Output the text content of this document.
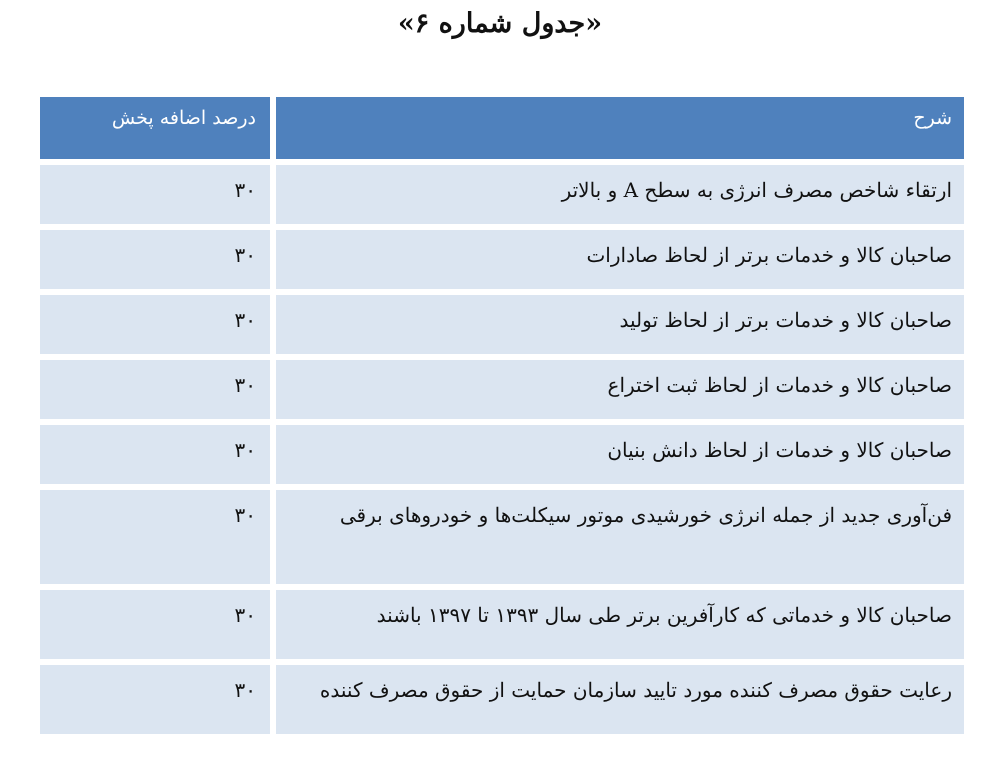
«جدول شماره ۶»
شرح
درصد اضافه پخش
ارتقاء شاخص مصرف انرژی به سطح A و بالاتر
۳۰
صاحبان کالا و خدمات برتر از لحاظ صادارات
۳۰
صاحبان کالا و خدمات برتر از لحاظ تولید
۳۰
صاحبان کالا و خدمات از لحاظ ثبت اختراع
۳۰
صاحبان کالا و خدمات از لحاظ دانش بنیان
۳۰
فن‌آوری جدید از جمله انرژی خورشیدی موتور سیکلت‌ها و خودروهای برقی
۳۰
صاحبان کالا و خدماتی که کارآفرین برتر طی سال ۱۳۹۳ تا ۱۳۹۷ باشند
۳۰
رعایت حقوق مصرف کننده مورد تایید سازمان حمایت از حقوق مصرف کننده
۳۰
